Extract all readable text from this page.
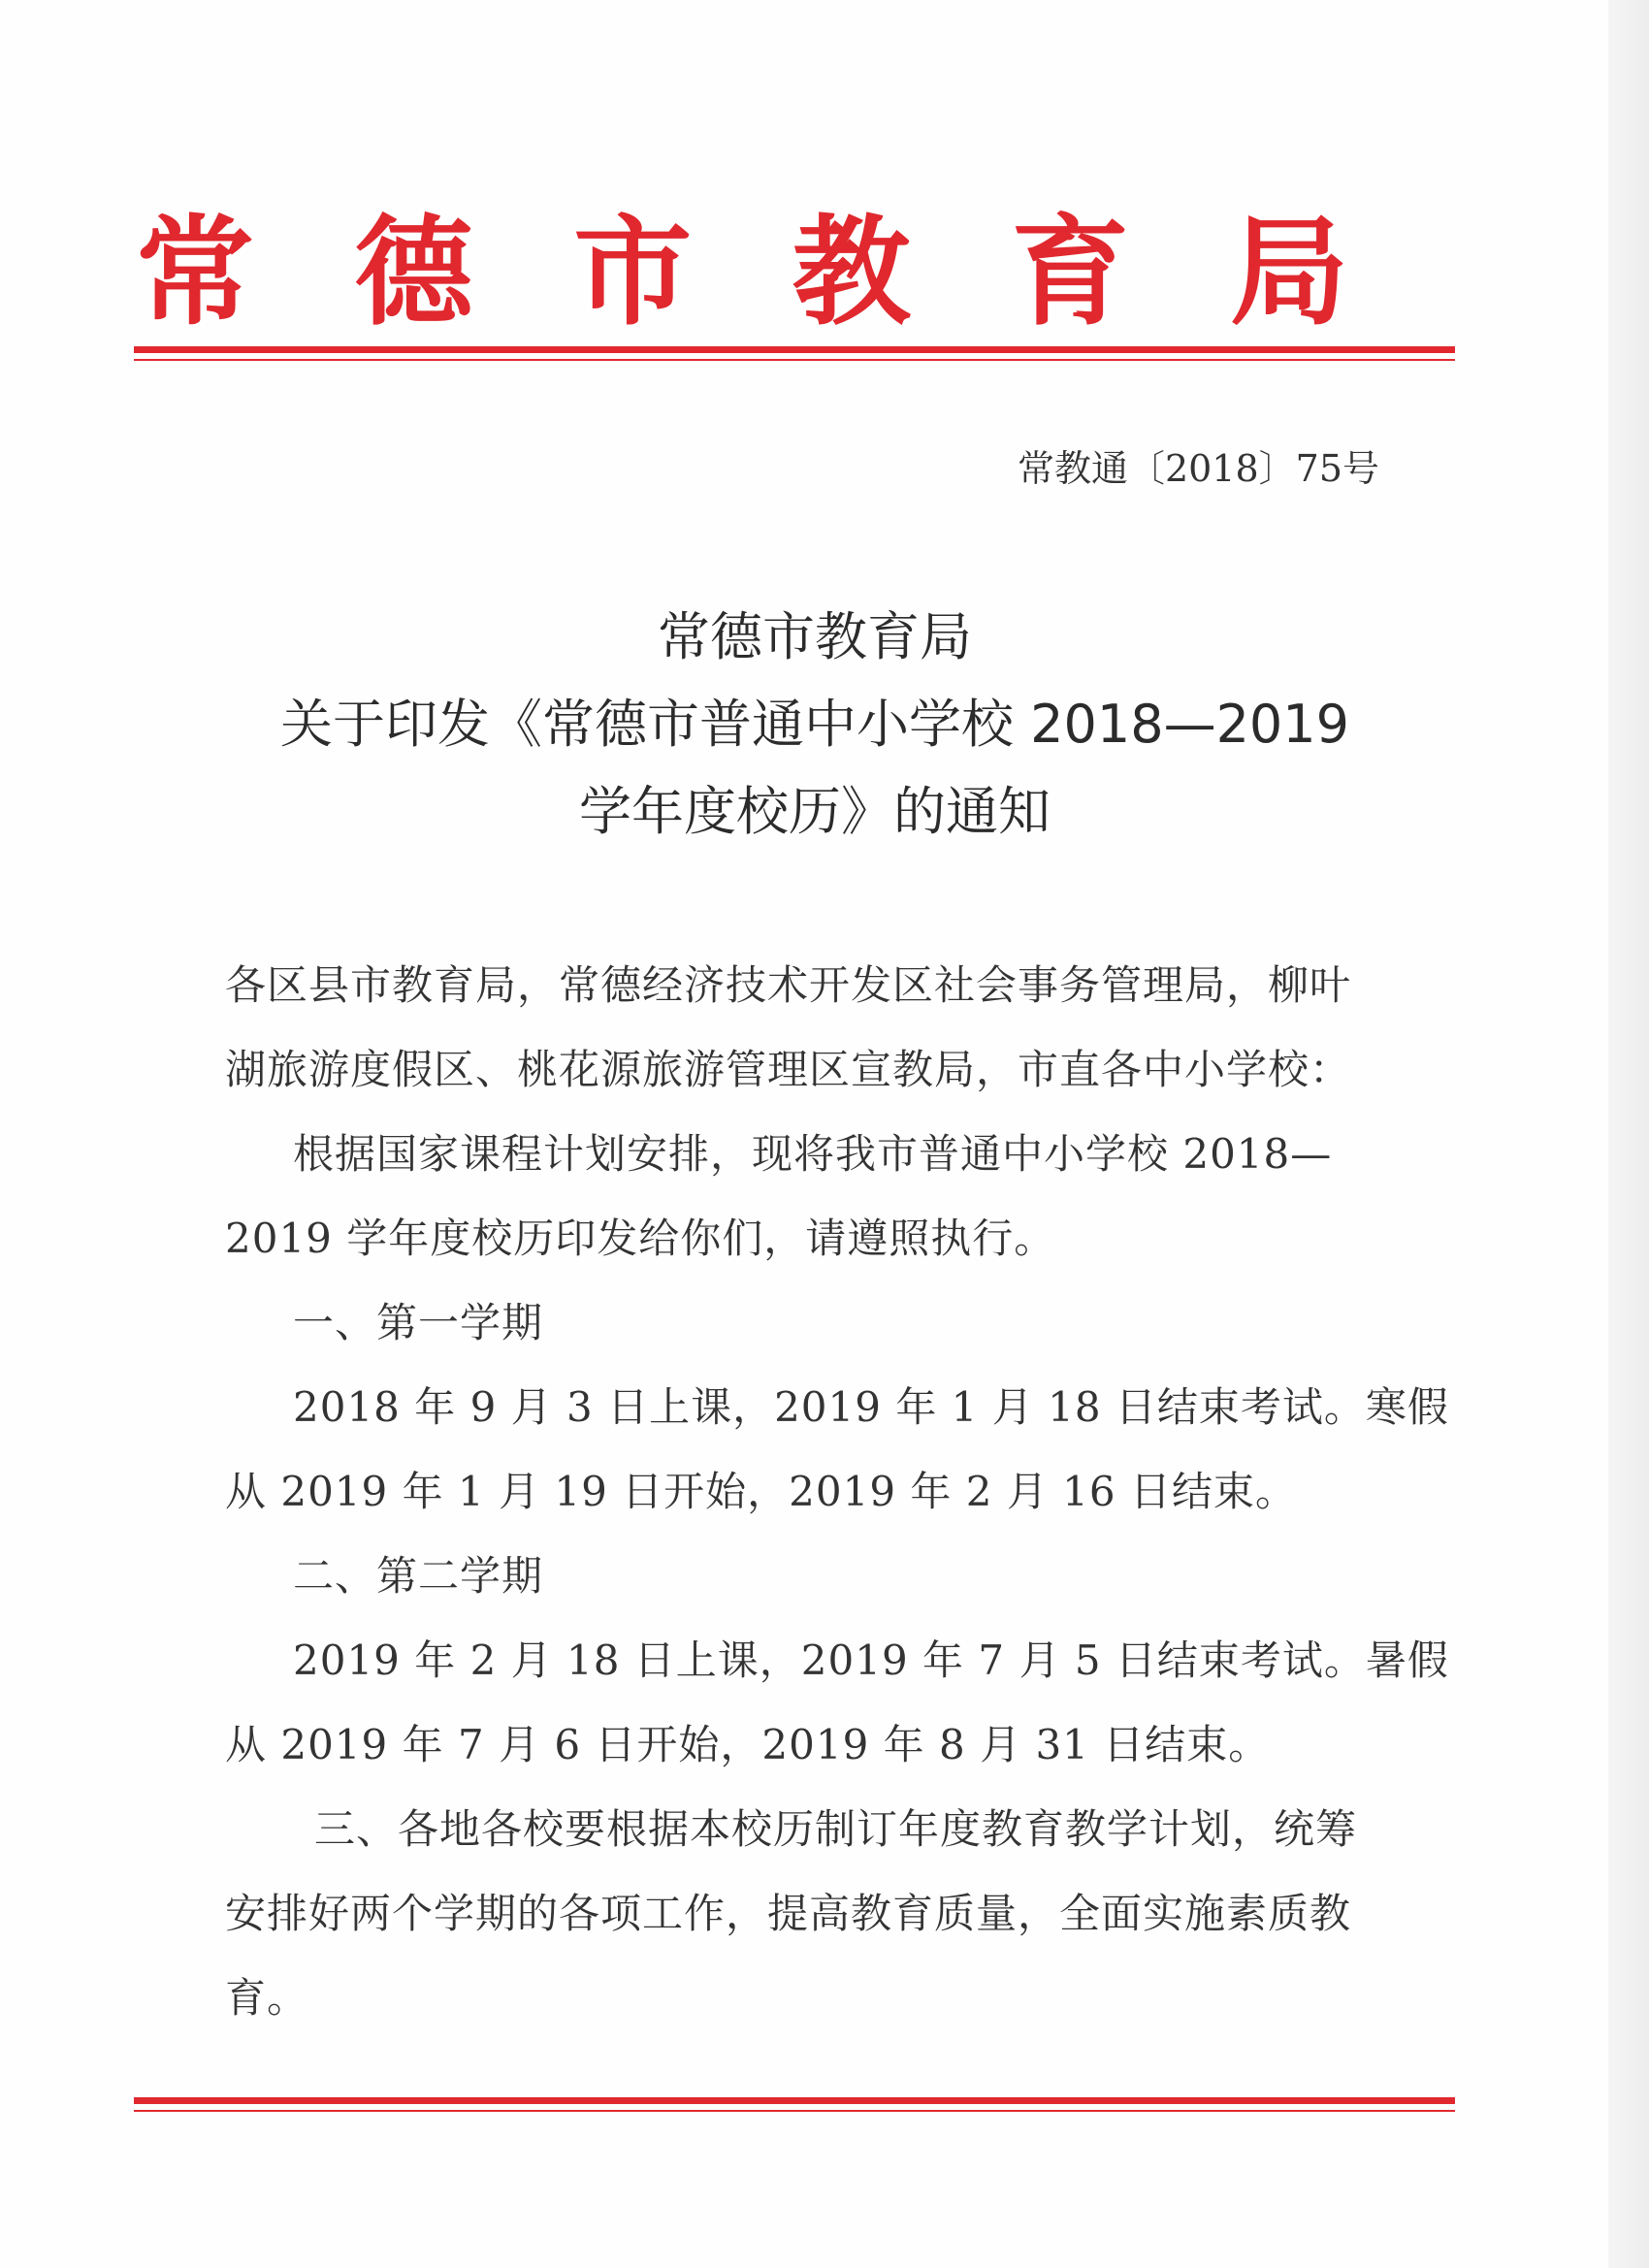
常 德 市 教 育 局
常教通〔2018〕75号
常德市教育局
关于印发《常德市普通中小学校 2018—2019
学年度校历》的通知
各区县市教育局，常德经济技术开发区社会事务管理局，柳叶
湖旅游度假区、桃花源旅游管理区宣教局，市直各中小学校：
根据国家课程计划安排，现将我市普通中小学校 2018—
2019 学年度校历印发给你们，请遵照执行。
一、第一学期
2018 年 9 月 3 日上课，2019 年 1 月 18 日结束考试。寒假
从 2019 年 1 月 19 日开始，2019 年 2 月 16 日结束。
二、第二学期
2019 年 2 月 18 日上课，2019 年 7 月 5 日结束考试。暑假
从 2019 年 7 月 6 日开始，2019 年 8 月 31 日结束。
三、各地各校要根据本校历制订年度教育教学计划，统筹
安排好两个学期的各项工作，提高教育质量，全面实施素质教
育。
